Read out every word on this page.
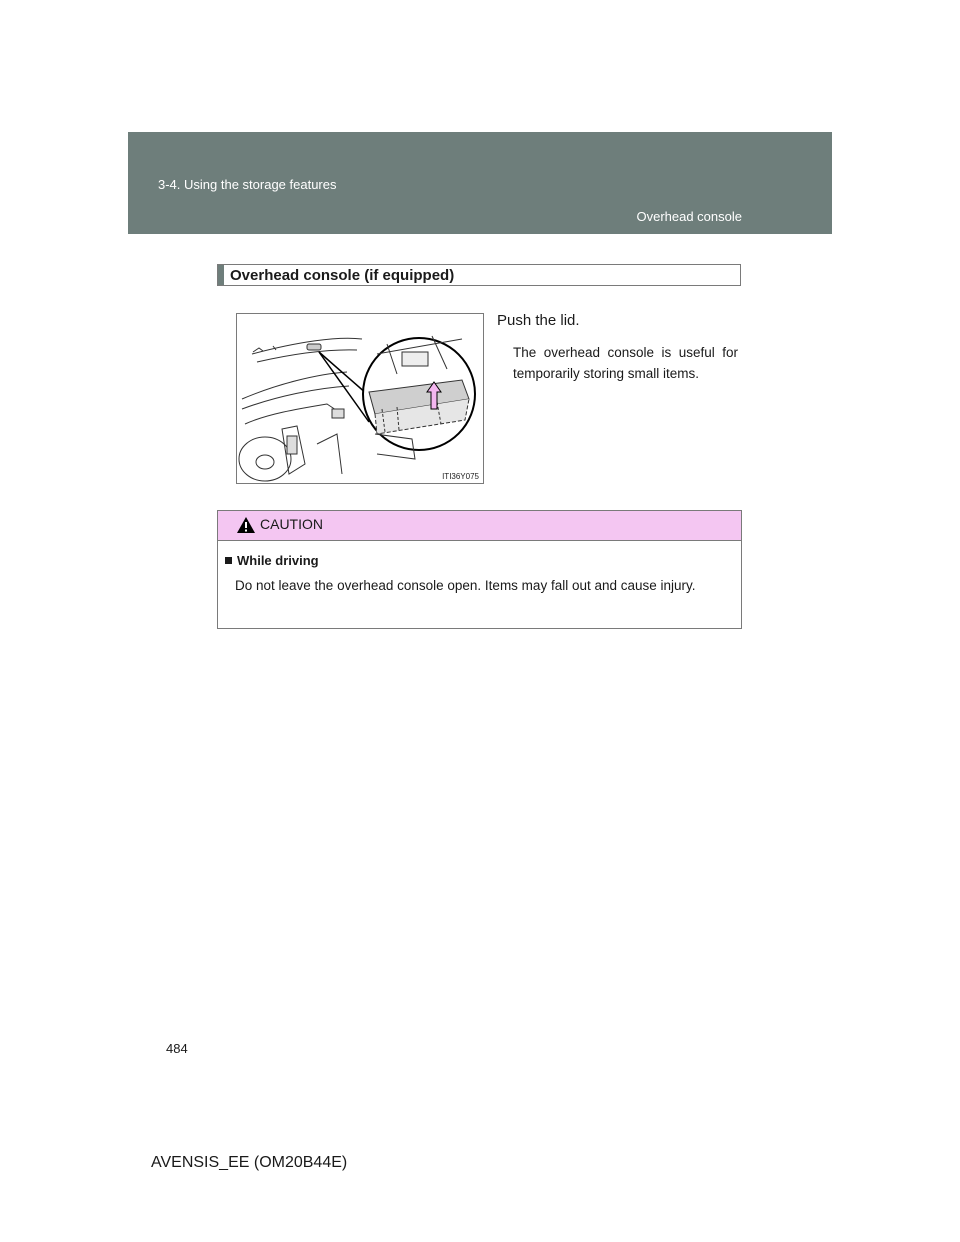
3-4. Using the storage features
Overhead console
Overhead console (if equipped)
ITI36Y075
Push the lid.
The overhead console is useful for temporarily storing small items.
CAUTION
While driving
Do not leave the overhead console open. Items may fall out and cause injury.
484
AVENSIS_EE (OM20B44E)
